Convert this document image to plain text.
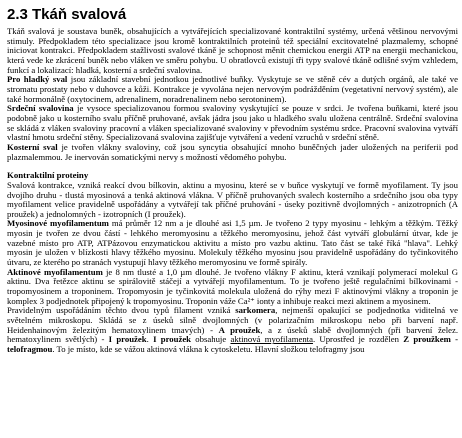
2.3 Tkáň svalová

Tkáň svalová je soustava buněk, obsahujících a vytvářejících specializované kontraktilní systémy, určená většinou nervovými stimuly. Předpokladem této specializace jsou kromě kontraktilních proteinů též speciální excitovatelné plazmalemy, schopné iniciovat kontrakci. Předpokladem stažlivosti svalové tkáně je schopnost měnit chemickou energii ATP na energii mechanickou, která vede ke zkrácení buněk nebo vláken ve směru pohybu. U obratlovců existují tři typy svalové tkáně odlišné svým vzhledem, funkcí a lokalizací: hladká, kosterní a srdeční svalovina.

Pro hladký sval jsou základní stavební jednotkou jednotlivé buňky. Vyskytuje se ve stěně cév a dutých orgánů, ale také ve stromatu prostaty nebo v duhovce a kůži. Kontrakce je vyvolána nejen nervovým podrážděním (vegetativní nervový systém), ale také hormonálně (oxytocinem, adrenalinem, noradrenalinem nebo serotoninem).

Srdeční svalovina je vysoce specializovanou formou svaloviny vyskytující se pouze v srdci. Je tvořena buňkami, které jsou podobně jako u kosterního svalu příčně pruhované, avšak jádra jsou jako u hladkého svalu uložena centrálně. Srdeční svalovina se skládá z vláken svaloviny pracovní a vláken specializované svaloviny v převodním systému srdce. Pracovní svalovina vytváří vlastní hmotu srdeční stěny. Specializovaná svalovina zajišťuje vytváření a vedení vzruchů v srdeční stěně.

Kosterní sval je tvořen vlákny svaloviny, což jsou syncytia obsahující mnoho buněčných jader uložených na periferii pod plazmalemmou. Je inervován somatickými nervy s možností vědomého pohybu.

Kontraktilní proteiny

Svalová kontrakce, vzniká reakcí dvou bílkovin, aktinu a myosinu, které se v buňce vyskytují ve formě myofilament. Ty jsou dvojího druhu - tlustá myosinová a tenká aktinová vlákna. V příčně pruhovaných svalech kosterního a srdečního jsou oba typy myofilament velice pravidelně uspořádány a vytvářejí tak příčné pruhování - úseky pozitivně dvojlomných - anizotropních (A proužek) a jednolomných - izotropních (I proužek).

Myosinové myofilamentum má průměr 12 nm a je dlouhé asi 1,5 µm. Je tvořeno 2 typy myosinu - lehkým a těžkým. Těžký myosin je tvořen ze dvou částí - lehkého meromyosinu a těžkého meromyosinu, jehož část vytváří globulární útvar, kde je vazebné místo pro ATP, ATPázovou enzymatickou aktivitu a místo pro vazbu aktinu. Tato část se také říká "hlava". Lehký myosin je uložen v blízkosti hlavy těžkého myosinu. Molekuly těžkého myosinu jsou pravidelně uspořádány do tyčinkovitého útvaru, ze kterého po stranách vystupují hlavy těžkého meromyosinu ve formě spirály.

Aktinové myofilamentum je 8 nm tlusté a 1,0 µm dlouhé. Je tvořeno vlákny F aktinu, která vznikají polymerací molekul G aktinu. Dva řetězce aktinu se spirálovitě stáčejí a vytvářejí myofilamentum. To je tvořeno ještě regulačními bílkovinami - tropomyosinem a troponinem. Tropomyosin je tyčinkovitá molekula uložená do rýhy mezi F aktinovými vlákny a troponin je komplex 3 podjednotek připojený k tropomyosinu. Troponin váže Ca²⁺ ionty a inhibuje reakci mezi aktinem a myosinem.

Pravidelným uspořádáním těchto dvou typů filament vzniká sarkomera, nejmenší opakující se podjednotka viditelná ve světelném mikroskopu. Skládá se z úseků silně dvojlomných (v polarizačním mikroskopu nebo při barvení např. Heidenhainovým železitým hematoxylinem tmavých) - A proužek, a z úseků slabě dvojlomných (při barvení želez. hematoxylinem světlých) - I proužek. I proužek obsahuje aktinová myofilamenta. Uprostřed je rozdělen Z proužkem - telofragmou. To je místo, kde se vážou aktinová vlákna k cytoskeletu. Hlavní složkou telofragmy jsou
